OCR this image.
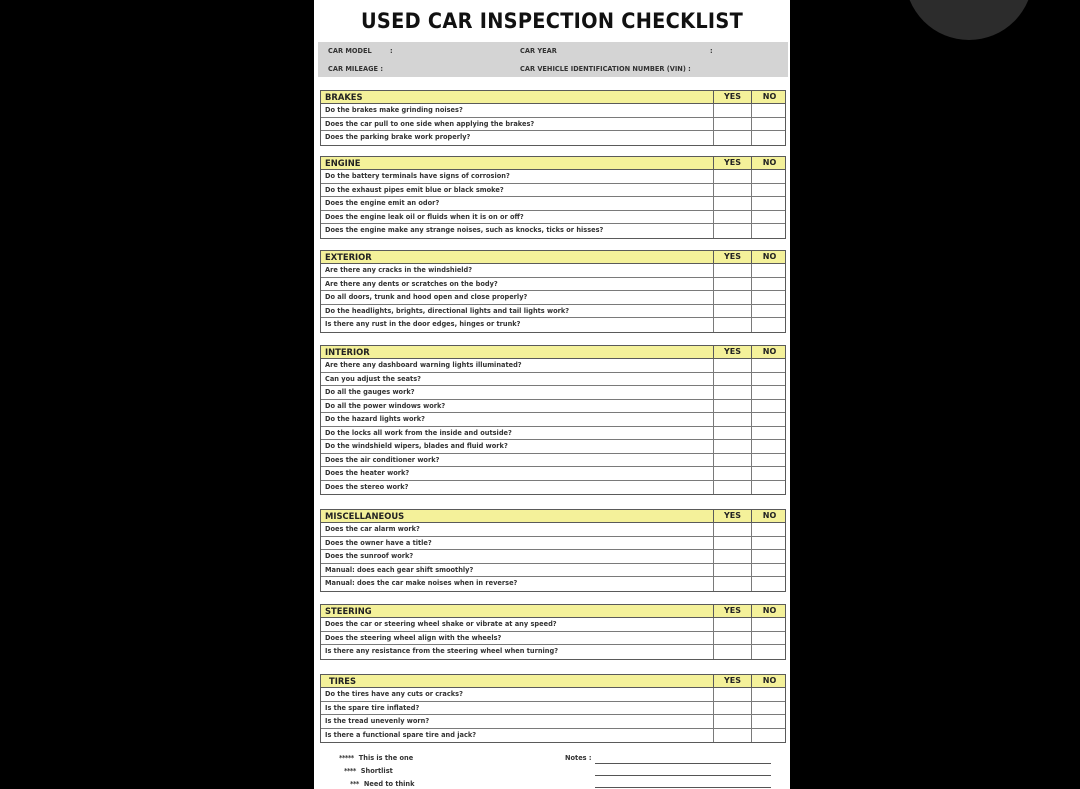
USED CAR INSPECTION CHECKLIST
CAR MODEL	:
CAR MILEAGE :
CAR YEAR	:
CAR VEHICLE IDENTIFICATION NUMBER (VIN) :
BRAKES	YES	NO
Do the brakes make grinding noises?
Does the car pull to one side when applying the brakes?
Does the parking brake work properly?
ENGINE	YES	NO
Do the battery terminals have signs of corrosion?
Do the exhaust pipes emit blue or black smoke?
Does the engine emit an odor?
Does the engine leak oil or fluids when it is on or off?
Does the engine make any strange noises, such as knocks, ticks or hisses?
EXTERIOR	YES	NO
Are there any cracks in the windshield?
Are there any dents or scratches on the body?
Do all doors, trunk and hood open and close properly?
Do the headlights, brights, directional lights and tail lights work?
Is there any rust in the door edges, hinges or trunk?
INTERIOR	YES	NO
Are there any dashboard warning lights illuminated?
Can you adjust the seats?
Do all the gauges work?
Do all the power windows work?
Do the hazard lights work?
Do the locks all work from the inside and outside?
Do the windshield wipers, blades and fluid work?
Does the air conditioner work?
Does the heater work?
Does the stereo work?
MISCELLANEOUS	YES	NO
Does the car alarm work?
Does the owner have a title?
Does the sunroof work?
Manual: does each gear shift smoothly?
Manual: does the car make noises when in reverse?
STEERING	YES	NO
Does the car or steering wheel shake or vibrate at any speed?
Does the steering wheel align with the wheels?
Is there any resistance from the steering wheel when turning?
TIRES	YES	NO
Do the tires have any cuts or cracks?
Is the spare tire inflated?
Is the tread unevenly worn?
Is there a functional spare tire and jack?
***** This is the one
**** Shortlist
*** Need to think
Notes :
